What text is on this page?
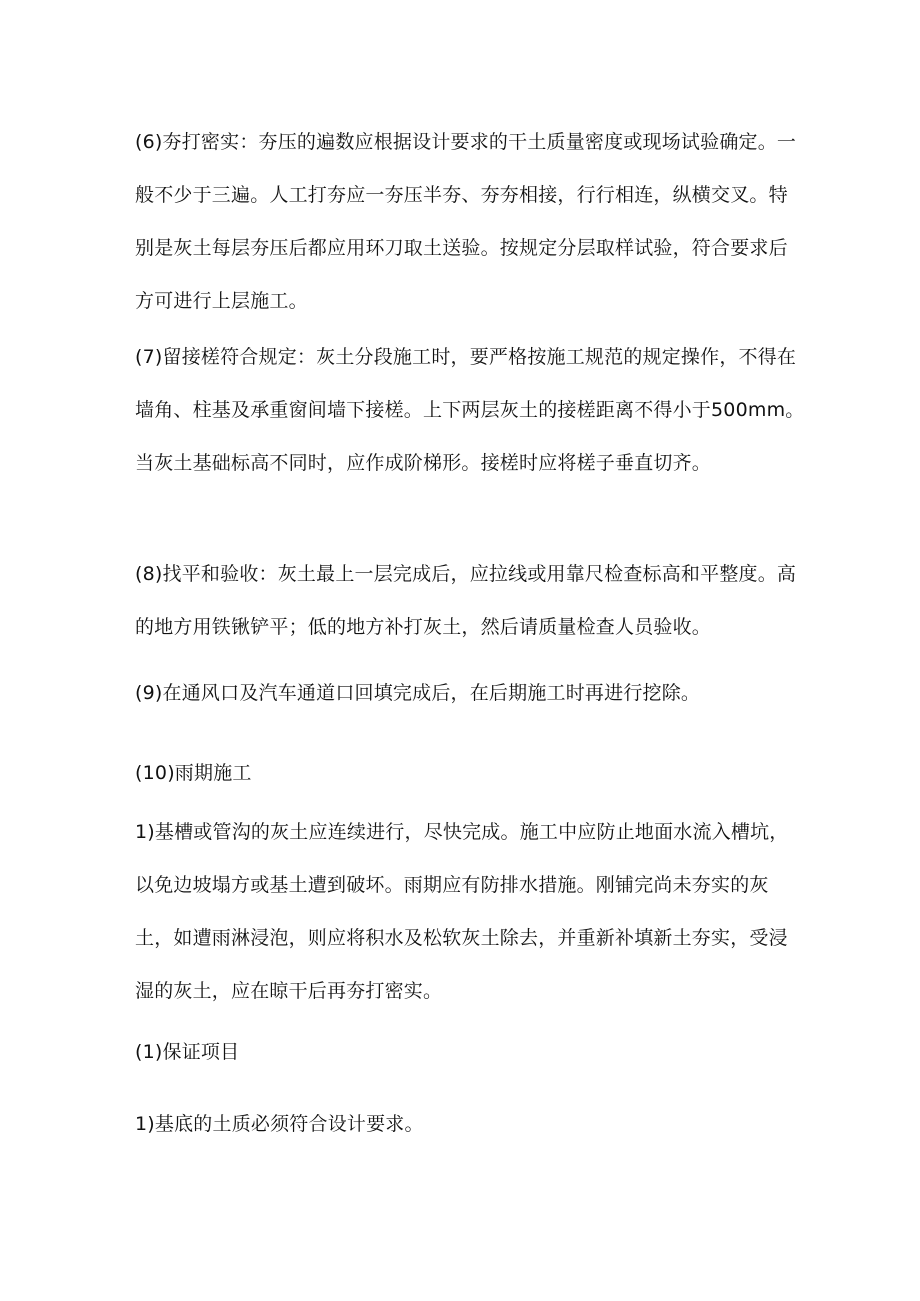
(6)夯打密实：夯压的遍数应根据设计要求的干土质量密度或现场试验确定。一般不少于三遍。人工打夯应一夯压半夯、夯夯相接，行行相连，纵横交叉。特别是灰土每层夯压后都应用环刀取土送验。按规定分层取样试验，符合要求后方可进行上层施工。

(7)留接槎符合规定：灰土分段施工时，要严格按施工规范的规定操作，不得在墙角、柱基及承重窗间墙下接槎。上下两层灰土的接槎距离不得小于500mm。当灰土基础标高不同时，应作成阶梯形。接槎时应将槎子垂直切齐。

(8)找平和验收：灰土最上一层完成后，应拉线或用靠尺检查标高和平整度。高的地方用铁锹铲平；低的地方补打灰土，然后请质量检查人员验收。

(9)在通风口及汽车通道口回填完成后，在后期施工时再进行挖除。

(10)雨期施工

1)基槽或管沟的灰土应连续进行，尽快完成。施工中应防止地面水流入槽坑，以免边坡塌方或基土遭到破坏。雨期应有防排水措施。刚铺完尚未夯实的灰土，如遭雨淋浸泡，则应将积水及松软灰土除去，并重新补填新土夯实，受浸湿的灰土，应在晾干后再夯打密实。

(1)保证项目

1)基底的土质必须符合设计要求。
